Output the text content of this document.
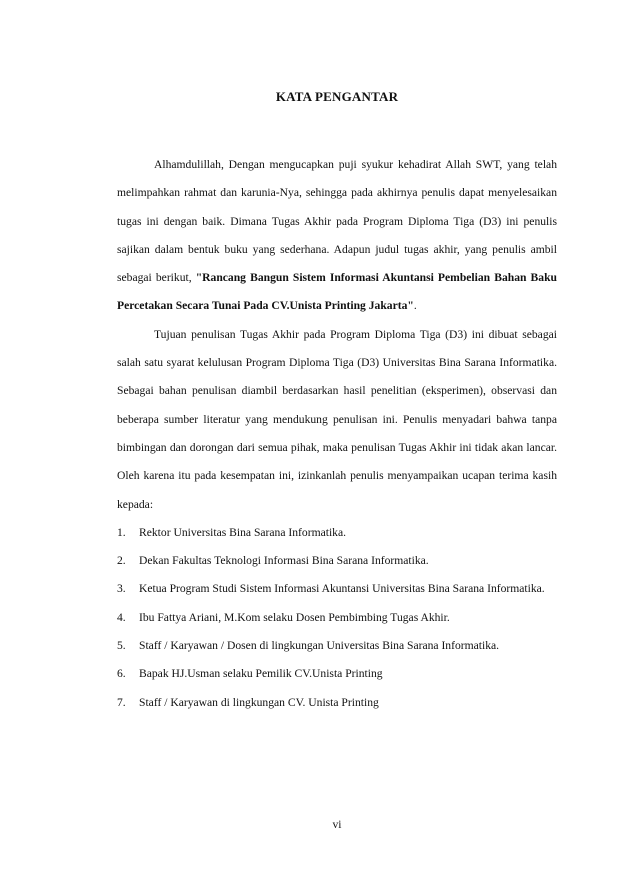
KATA PENGANTAR

Alhamdulillah, Dengan mengucapkan puji syukur kehadirat Allah SWT, yang telah melimpahkan rahmat dan karunia-Nya, sehingga pada akhirnya penulis dapat menyelesaikan tugas ini dengan baik. Dimana Tugas Akhir pada Program Diploma Tiga (D3) ini penulis sajikan dalam bentuk buku yang sederhana. Adapun judul tugas akhir, yang penulis ambil sebagai berikut, "Rancang Bangun Sistem Informasi Akuntansi Pembelian Bahan Baku Percetakan Secara Tunai Pada CV.Unista Printing Jakarta".

Tujuan penulisan Tugas Akhir pada Program Diploma Tiga (D3) ini dibuat sebagai salah satu syarat kelulusan Program Diploma Tiga (D3) Universitas Bina Sarana Informatika. Sebagai bahan penulisan diambil berdasarkan hasil penelitian (eksperimen), observasi dan beberapa sumber literatur yang mendukung penulisan ini. Penulis menyadari bahwa tanpa bimbingan dan dorongan dari semua pihak, maka penulisan Tugas Akhir ini tidak akan lancar. Oleh karena itu pada kesempatan ini, izinkanlah penulis menyampaikan ucapan terima kasih kepada:

1.	Rektor Universitas Bina Sarana Informatika.
2.	Dekan Fakultas Teknologi Informasi Bina Sarana Informatika.
3.	Ketua Program Studi Sistem Informasi Akuntansi Universitas Bina Sarana Informatika.
4.	Ibu Fattya Ariani, M.Kom selaku Dosen Pembimbing Tugas Akhir.
5.	Staff / Karyawan / Dosen di lingkungan Universitas Bina Sarana Informatika.
6.	Bapak HJ.Usman selaku Pemilik CV.Unista Printing
7.	Staff / Karyawan di lingkungan CV. Unista Printing
vi
